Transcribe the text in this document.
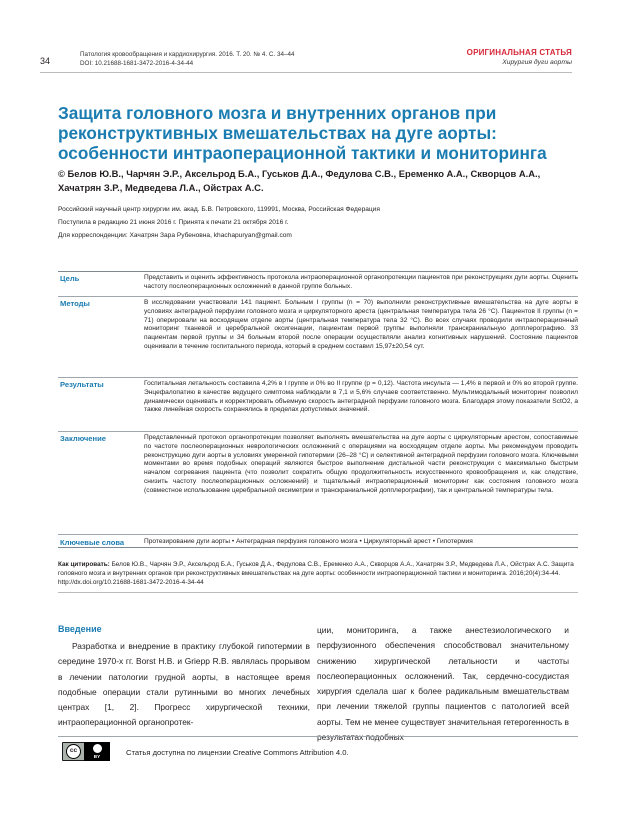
34
Патология кровообращения и кардиохирургия. 2016. Т. 20. № 4. С. 34–44
DOI: 10.21688-1681-3472-2016-4-34-44
ОРИГИНАЛЬНАЯ СТАТЬЯ
Хирургия дуги аорты
Защита головного мозга и внутренних органов при реконструктивных вмешательствах на дуге аорты: особенности интраоперационной тактики и мониторинга
© Белов Ю.В., Чарчян Э.Р., Аксельрод Б.А., Гуськов Д.А., Федулова С.В., Еременко А.А., Скворцов А.А., Хачатрян З.Р., Медведева Л.А., Ойстрах А.С.
Российский научный центр хирургии им. акад. Б.В. Петровского, 119991, Москва, Российская Федерация
Поступила в редакцию 21 июня 2016 г. Принята к печати 21 октября 2016 г.
Для корреспонденции: Хачатрян Зара Рубеновна, khachapuryan@gmail.com
Цель	Представить и оценить эффективность протокола интраоперационной органопротекции пациентов при реконструкциях дуги аорты. Оценить частоту послеоперационных осложнений в данной группе больных.
Методы	В исследовании участвовали 141 пациент. Больным I группы (n = 70) выполнили реконструктивные вмешательства на дуге аорты в условиях антеградной перфузии головного мозга и циркуляторного ареста (центральная температура тела 26 °С). Пациентов II группы (n = 71) оперировали на восходящем отделе аорты (центральная температура тела 32 °С). Во всех случаях проводили интраоперационный мониторинг тканевой и церебральной оксигенации, пациентам первой группы выполняли транскраниальную допплерографию. 33 пациентам первой группы и 34 больным второй после операции осуществляли анализ когнитивных нарушений. Состояние пациентов оценивали в течение госпитального периода, который в среднем составил 15,97±20,54 сут.
Результаты	Госпитальная летальность составила 4,2% в I группе и 0% во II группе (p = 0,12). Частота инсульта — 1,4% в первой и 0% во второй группе. Энцефалопатию в качестве ведущего симптома наблюдали в 7,1 и 5,6% случаев соответственно. Мультимодальный мониторинг позволил динамически оценивать и корректировать объемную скорость антеградной перфузии головного мозга. Благодаря этому показатели SctO2, а также линейная скорость сохранялись в пределах допустимых значений.
Заключение	Представленный протокол органопротекции позволяет выполнять вмешательства на дуге аорты с циркуляторным арестом, сопоставимые по частоте послеоперационных неврологических осложнений с операциями на восходящем отделе аорты. Мы рекомендуем проводить реконструкцию дуги аорты в условиях умеренной гипотермии (26–28 °С) и селективной антеградной перфузии головного мозга. Ключевыми моментами во время подобных операций являются быстрое выполнение дистальной части реконструкции с максимально быстрым началом согревания пациента (что позволит сократить общую продолжительность искусственного кровообращения и, как следствие, снизить частоту послеоперационных осложнений) и тщательный интраоперационный мониторинг как состояния головного мозга (совместное использование церебральной оксиметрии и транскраниальной допплерографии), так и центральной температуры тела.
Ключевые слова	Протезирование дуги аорты • Антеградная перфузия головного мозга • Циркуляторный арест • Гипотермия
Как цитировать: Белов Ю.В., Чарчян Э.Р., Аксельрод Б.А., Гуськов Д.А., Федулова С.В., Еременко А.А., Скворцов А.А., Хачатрян З.Р., Медведева Л.А., Ойстрах А.С. Защита головного мозга и внутренних органов при реконструктивных вмешательствах на дуге аорты: особенности интраоперационной тактики и мониторинга. 2016;20(4):34-44. http://dx.doi.org/10.21688-1681-3472-2016-4-34-44
Введение
Разработка и внедрение в практику глубокой гипотермии в середине 1970-х гг. Borst H.B. и Griepp R.B. являлась прорывом в лечении патологии грудной аорты, в настоящее время подобные операции стали рутинными во многих лечебных центрах [1, 2]. Прогресс хирургической техники, интраоперационной органопротек-
ции, мониторинга, а также анестезиологического и перфузионного обеспечения способствовал значительному снижению хирургической летальности и частоты послеоперационных осложнений. Так, сердечно-сосудистая хирургия сделала шаг к более радикальным вмешательствам при лечении тяжелой группы пациентов с патологией всей аорты. Тем не менее существует значительная гетерогенность в результатах подобных
cc
BY	Статья доступна по лицензии Creative Commons Attribution 4.0.
